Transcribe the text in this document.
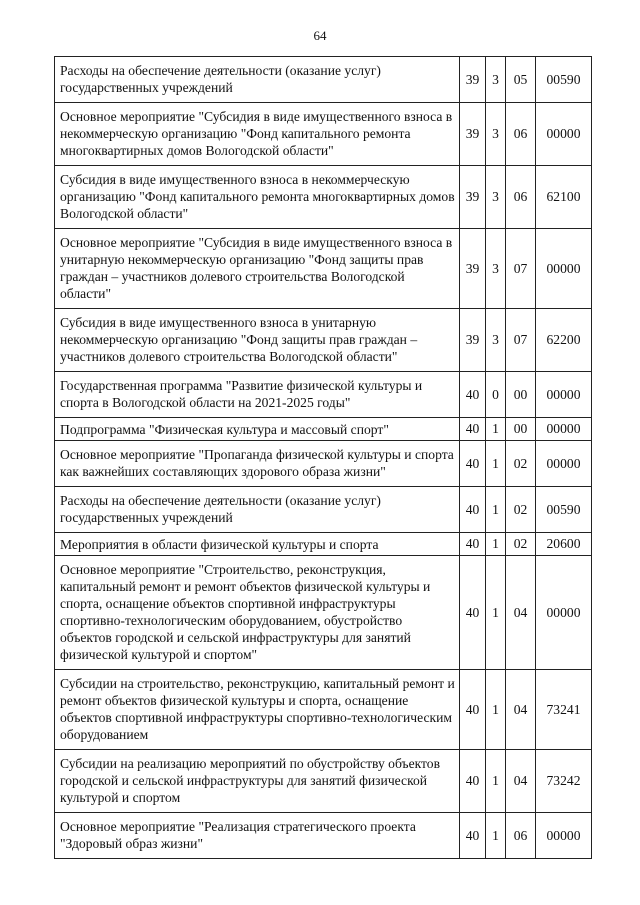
64
Расходы на обеспечение деятельности (оказание услуг) государственных учреждений	39	3	05	00590
Основное мероприятие "Субсидия в виде имущественного взноса в некоммерческую организацию "Фонд капитального ремонта многоквартирных домов Вологодской области"	39	3	06	00000
Субсидия в виде имущественного взноса в некоммерческую организацию "Фонд капитального ремонта многоквартирных домов Вологодской области"	39	3	06	62100
Основное мероприятие "Субсидия в виде имущественного взноса в унитарную некоммерческую организацию "Фонд защиты прав граждан – участников долевого строительства Вологодской области"	39	3	07	00000
Субсидия в виде имущественного взноса в унитарную некоммерческую организацию "Фонд защиты прав граждан – участников долевого строительства Вологодской области"	39	3	07	62200
Государственная программа "Развитие физической культуры и спорта в Вологодской области на 2021-2025 годы"	40	0	00	00000
Подпрограмма "Физическая культура и массовый спорт"	40	1	00	00000
Основное мероприятие "Пропаганда физической культуры и спорта как важнейших составляющих здорового образа жизни"	40	1	02	00000
Расходы на обеспечение деятельности (оказание услуг) государственных учреждений	40	1	02	00590
Мероприятия в области физической культуры и спорта	40	1	02	20600
Основное мероприятие "Строительство, реконструкция, капитальный ремонт и ремонт объектов физической культуры и спорта, оснащение объектов спортивной инфраструктуры спортивно-технологическим оборудованием, обустройство объектов городской и сельской инфраструктуры для занятий физической культурой и спортом"	40	1	04	00000
Субсидии на строительство, реконструкцию, капитальный ремонт и ремонт объектов физической культуры и спорта, оснащение объектов спортивной инфраструктуры спортивно-технологическим оборудованием	40	1	04	73241
Субсидии на реализацию мероприятий по обустройству объектов городской и сельской инфраструктуры для занятий физической культурой и спортом	40	1	04	73242
Основное мероприятие "Реализация стратегического проекта "Здоровый образ жизни"	40	1	06	00000
